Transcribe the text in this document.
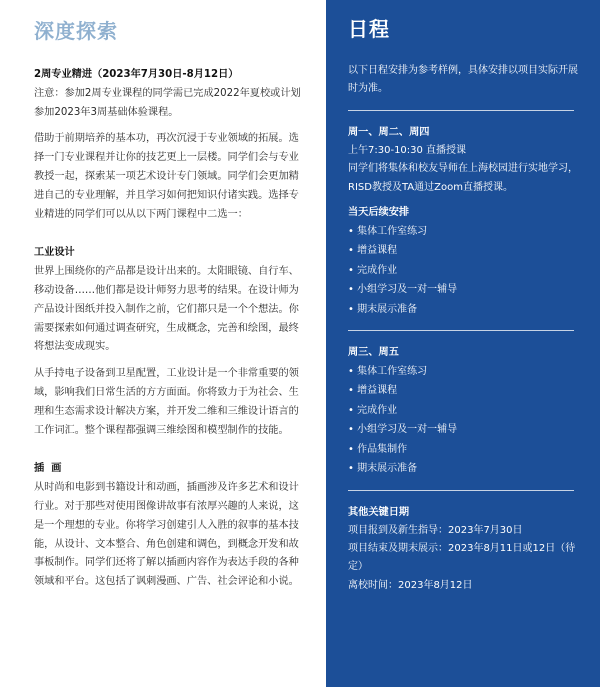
深度探索
2周专业精进（2023年7月30日-8月12日）
注意：参加2周专业课程的同学需已完成2022年夏校或计划参加2023年3周基础体验课程。
借助于前期培养的基本功，再次沉浸于专业领域的拓展。选择一门专业课程并让你的技艺更上一层楼。同学们会与专业教授一起，探索某一项艺术设计专门领域。同学们会更加精进自己的专业理解，并且学习如何把知识付诸实践。选择专业精进的同学们可以从以下两门课程中二选一：
工业设计
世界上围绕你的产品都是设计出来的。太阳眼镜、自行车、移动设备……他们都是设计师努力思考的结果。在设计师为产品设计图纸并投入制作之前，它们都只是一个个想法。你需要探索如何通过调查研究，生成概念，完善和绘图，最终将想法变成现实。
从手持电子设备到卫星配置，工业设计是一个非常重要的领域，影响我们日常生活的方方面面。你将致力于为社会、生理和生态需求设计解决方案，并开发二维和三维设计语言的工作词汇。整个课程都强调三维绘图和模型制作的技能。
插  画
从时尚和电影到书籍设计和动画，插画涉及许多艺术和设计行业。对于那些对使用图像讲故事有浓厚兴趣的人来说，这是一个理想的专业。你将学习创建引人入胜的叙事的基本技能，从设计、文本整合、角色创建和调色，到概念开发和故事板制作。同学们还将了解以插画内容作为表达手段的各种领域和平台。这包括了讽刺漫画、广告、社会评论和小说。
日程
以下日程安排为参考样例，具体安排以项目实际开展时为准。
周一、周二、周四
上午7:30-10:30 直播授课
同学们将集体和校友导师在上海校园进行实地学习，RISD教授及TA通过Zoom直播授课。
当天后续安排
• 集体工作室练习
• 增益课程
• 完成作业
• 小组学习及一对一辅导
• 期末展示准备
周三、周五
• 集体工作室练习
• 增益课程
• 完成作业
• 小组学习及一对一辅导
• 作品集制作
• 期末展示准备
其他关键日期
项目报到及新生指导：2023年7月30日
项目结束及期末展示：2023年8月11日或12日（待定）
离校时间：2023年8月12日
